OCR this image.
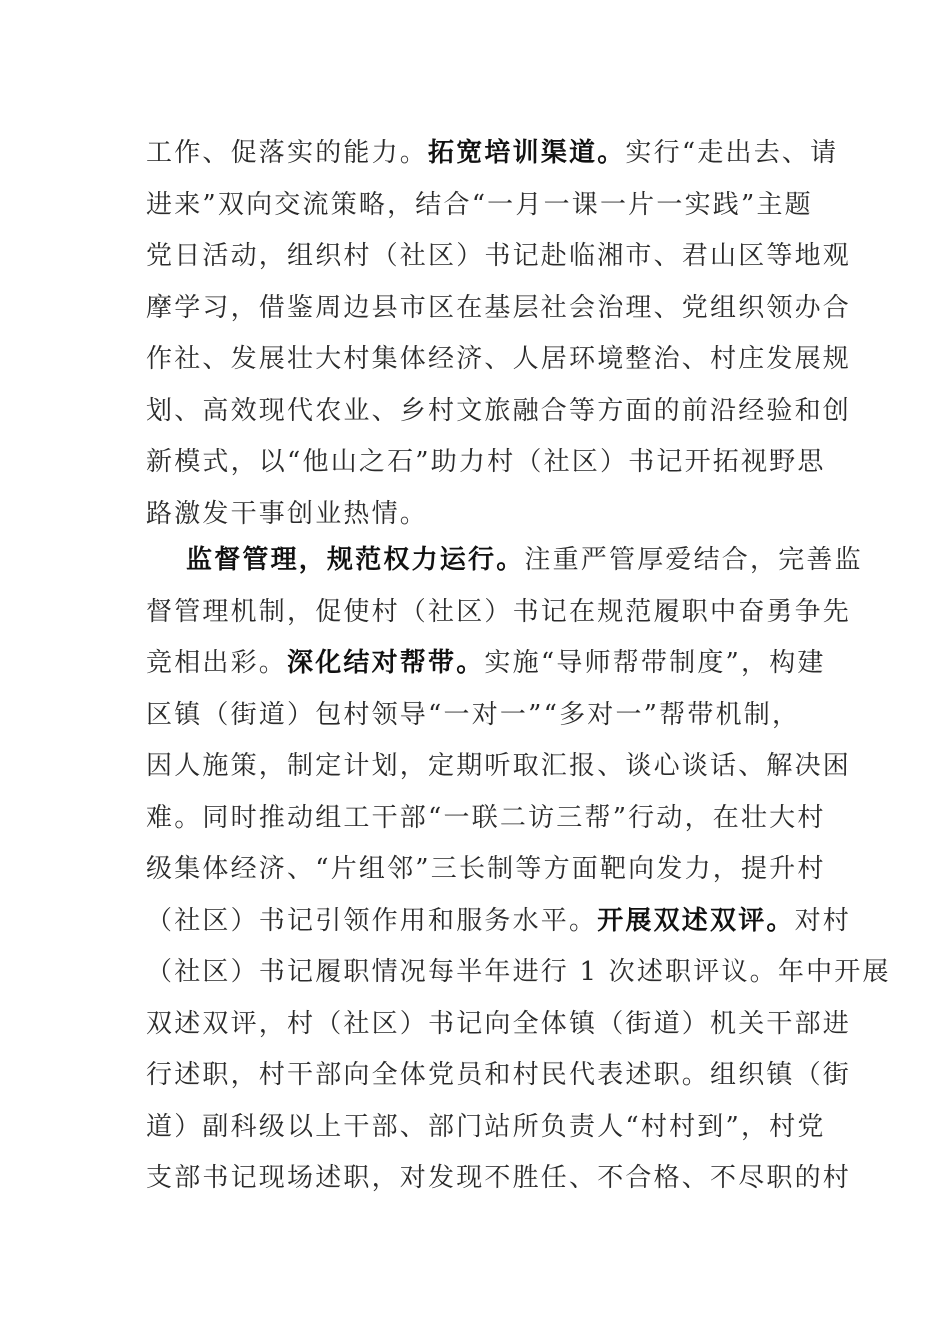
工作、促落实的能力。拓宽培训渠道。实行“走出去、请
进来”双向交流策略，结合“一月一课一片一实践”主题
党日活动，组织村（社区）书记赴临湘市、君山区等地观
摩学习，借鉴周边县市区在基层社会治理、党组织领办合
作社、发展壮大村集体经济、人居环境整治、村庄发展规
划、高效现代农业、乡村文旅融合等方面的前沿经验和创
新模式，以“他山之石”助力村（社区）书记开拓视野思
路激发干事创业热情。
监督管理，规范权力运行。注重严管厚爱结合，完善监
督管理机制，促使村（社区）书记在规范履职中奋勇争先
竞相出彩。深化结对帮带。实施“导师帮带制度”，构建
区镇（街道）包村领导“一对一”“多对一”帮带机制，
因人施策，制定计划，定期听取汇报、谈心谈话、解决困
难。同时推动组工干部“一联二访三帮”行动，在壮大村
级集体经济、“片组邻”三长制等方面靶向发力，提升村
（社区）书记引领作用和服务水平。开展双述双评。对村
（社区）书记履职情况每半年进行 1 次述职评议。年中开展
双述双评，村（社区）书记向全体镇（街道）机关干部进
行述职，村干部向全体党员和村民代表述职。组织镇（街
道）副科级以上干部、部门站所负责人“村村到”，村党
支部书记现场述职，对发现不胜任、不合格、不尽职的村
